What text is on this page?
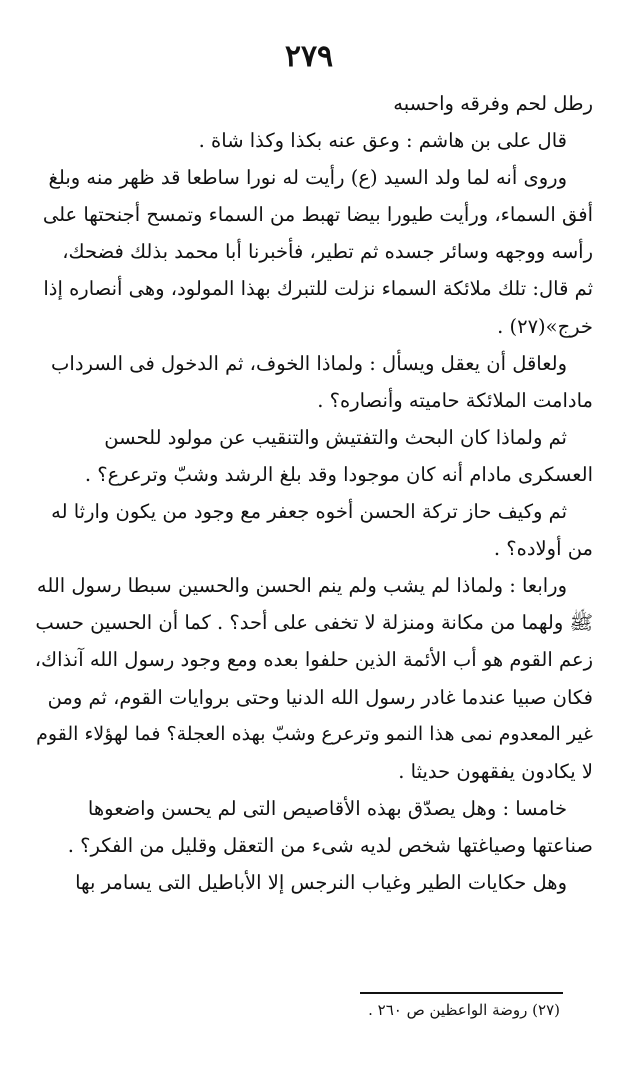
٢٧٩
رطل لحم وفرقه واحسبه
قال على بن هاشم : وعق عنه بكذا وكذا شاة .
وروى أنه لما ولد السيد (ع) رأيت له نورا ساطعا قد ظهر منه وبلغ
أفق السماء، ورأيت طيورا بيضا تهبط من السماء وتمسح أجنحتها على
رأسه ووجهه وسائر جسده ثم تطير، فأخبرنا أبا محمد بذلك فضحك،
ثم قال: تلك ملائكة السماء نزلت للتبرك بهذا المولود، وهى أنصاره إذا
خرج»(٢٧) .
ولعاقل أن يعقل ويسأل : ولماذا الخوف، ثم الدخول فى السرداب
مادامت الملائكة حاميته وأنصاره؟ .
ثم ولماذا كان البحث والتفتيش والتنقيب عن مولود للحسن
العسكرى مادام أنه كان موجودا وقد بلغ الرشد وشبّ وترعرع؟ .
ثم وكيف حاز تركة الحسن أخوه جعفر مع وجود من يكون وارثا له
من أولاده؟ .
ورابعا : ولماذا لم يشب ولم ينم الحسن والحسين سبطا رسول الله
ﷺ ولهما من مكانة ومنزلة لا تخفى على أحد؟ . كما أن الحسين حسب
زعم القوم هو أب الأئمة الذين حلفوا بعده ومع وجود رسول الله آنذاك،
فكان صبيا عندما غادر رسول الله الدنيا وحتى بروايات القوم، ثم ومن
غير المعدوم نمى هذا النمو وترعرع وشبّ بهذه العجلة؟ فما لهؤلاء القوم
لا يكادون يفقهون حديثا .
خامسا : وهل يصدّق بهذه الأقاصيص التى لم يحسن واضعوها
صناعتها وصياغتها شخص لديه شىء من التعقل وقليل من الفكر؟ .
وهل حكايات الطير وغياب النرجس إلا الأباطيل التى يسامر بها
(٢٧) روضة الواعظين ص ٢٦٠ .
